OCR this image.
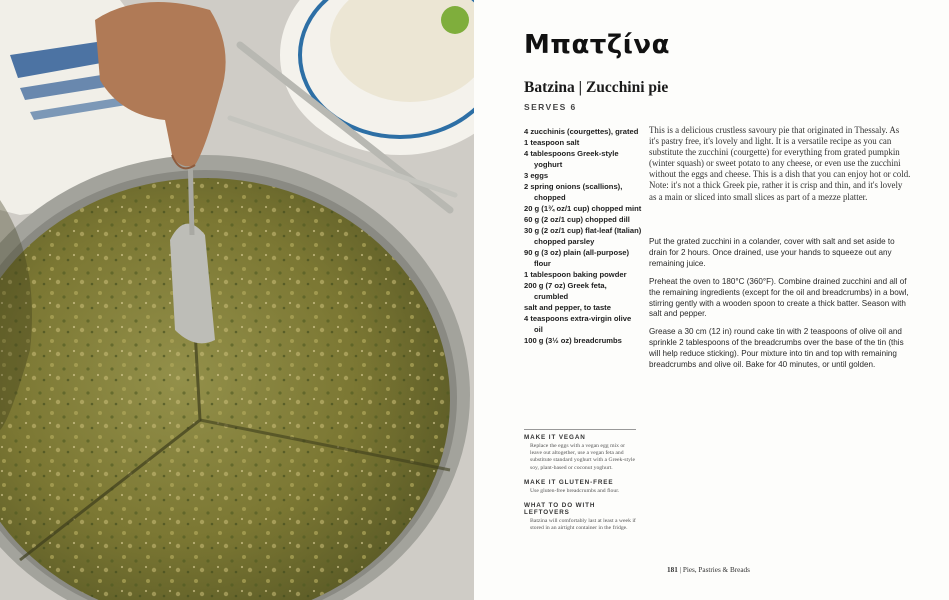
Μπατζίνα
Batzina | Zucchini pie
SERVES 6
4 zucchinis (courgettes), grated
1 teaspoon salt
4 tablespoons Greek-style yoghurt
3 eggs
2 spring onions (scallions), chopped
20 g (1¾ oz/1 cup) chopped mint
60 g (2 oz/1 cup) chopped dill
30 g (2 oz/1 cup) flat-leaf (Italian) chopped parsley
90 g (3 oz) plain (all-purpose) flour
1 tablespoon baking powder
200 g (7 oz) Greek feta, crumbled
salt and pepper, to taste
4 teaspoons extra-virgin olive oil
100 g (3½ oz) breadcrumbs

This is a delicious crustless savoury pie that originated in Thessaly. As it's pastry free, it's lovely and light. It is a versatile recipe as you can substitute the zucchini (courgette) for everything from grated pumpkin (winter squash) or sweet potato to any cheese, or even use the zucchini without the eggs and cheese. This is a dish that you can enjoy hot or cold. Note: it's not a thick Greek pie, rather it is crisp and thin, and it's lovely as a main or sliced into small slices as part of a mezze platter.

Put the grated zucchini in a colander, cover with salt and set aside to drain for 2 hours. Once drained, use your hands to squeeze out any remaining juice.

Preheat the oven to 180°C (360°F). Combine drained zucchini and all of the remaining ingredients (except for the oil and breadcrumbs) in a bowl, stirring gently with a wooden spoon to create a thick batter. Season with salt and pepper.

Grease a 30 cm (12 in) round cake tin with 2 teaspoons of olive oil and sprinkle 2 tablespoons of the breadcrumbs over the base of the tin (this will help reduce sticking). Pour mixture into tin and top with remaining breadcrumbs and olive oil. Bake for 40 minutes, or until golden.

MAKE IT VEGAN
Replace the eggs with a vegan egg mix or leave out altogether, use a vegan feta and substitute standard yoghurt with a Greek-style soy, plant-based or coconut yoghurt.
MAKE IT GLUTEN-FREE
Use gluten-free breadcrumbs and flour.
WHAT TO DO WITH LEFTOVERS
Batzina will comfortably last at least a week if stored in an airtight container in the fridge.
181 | Pies, Pastries & Breads
